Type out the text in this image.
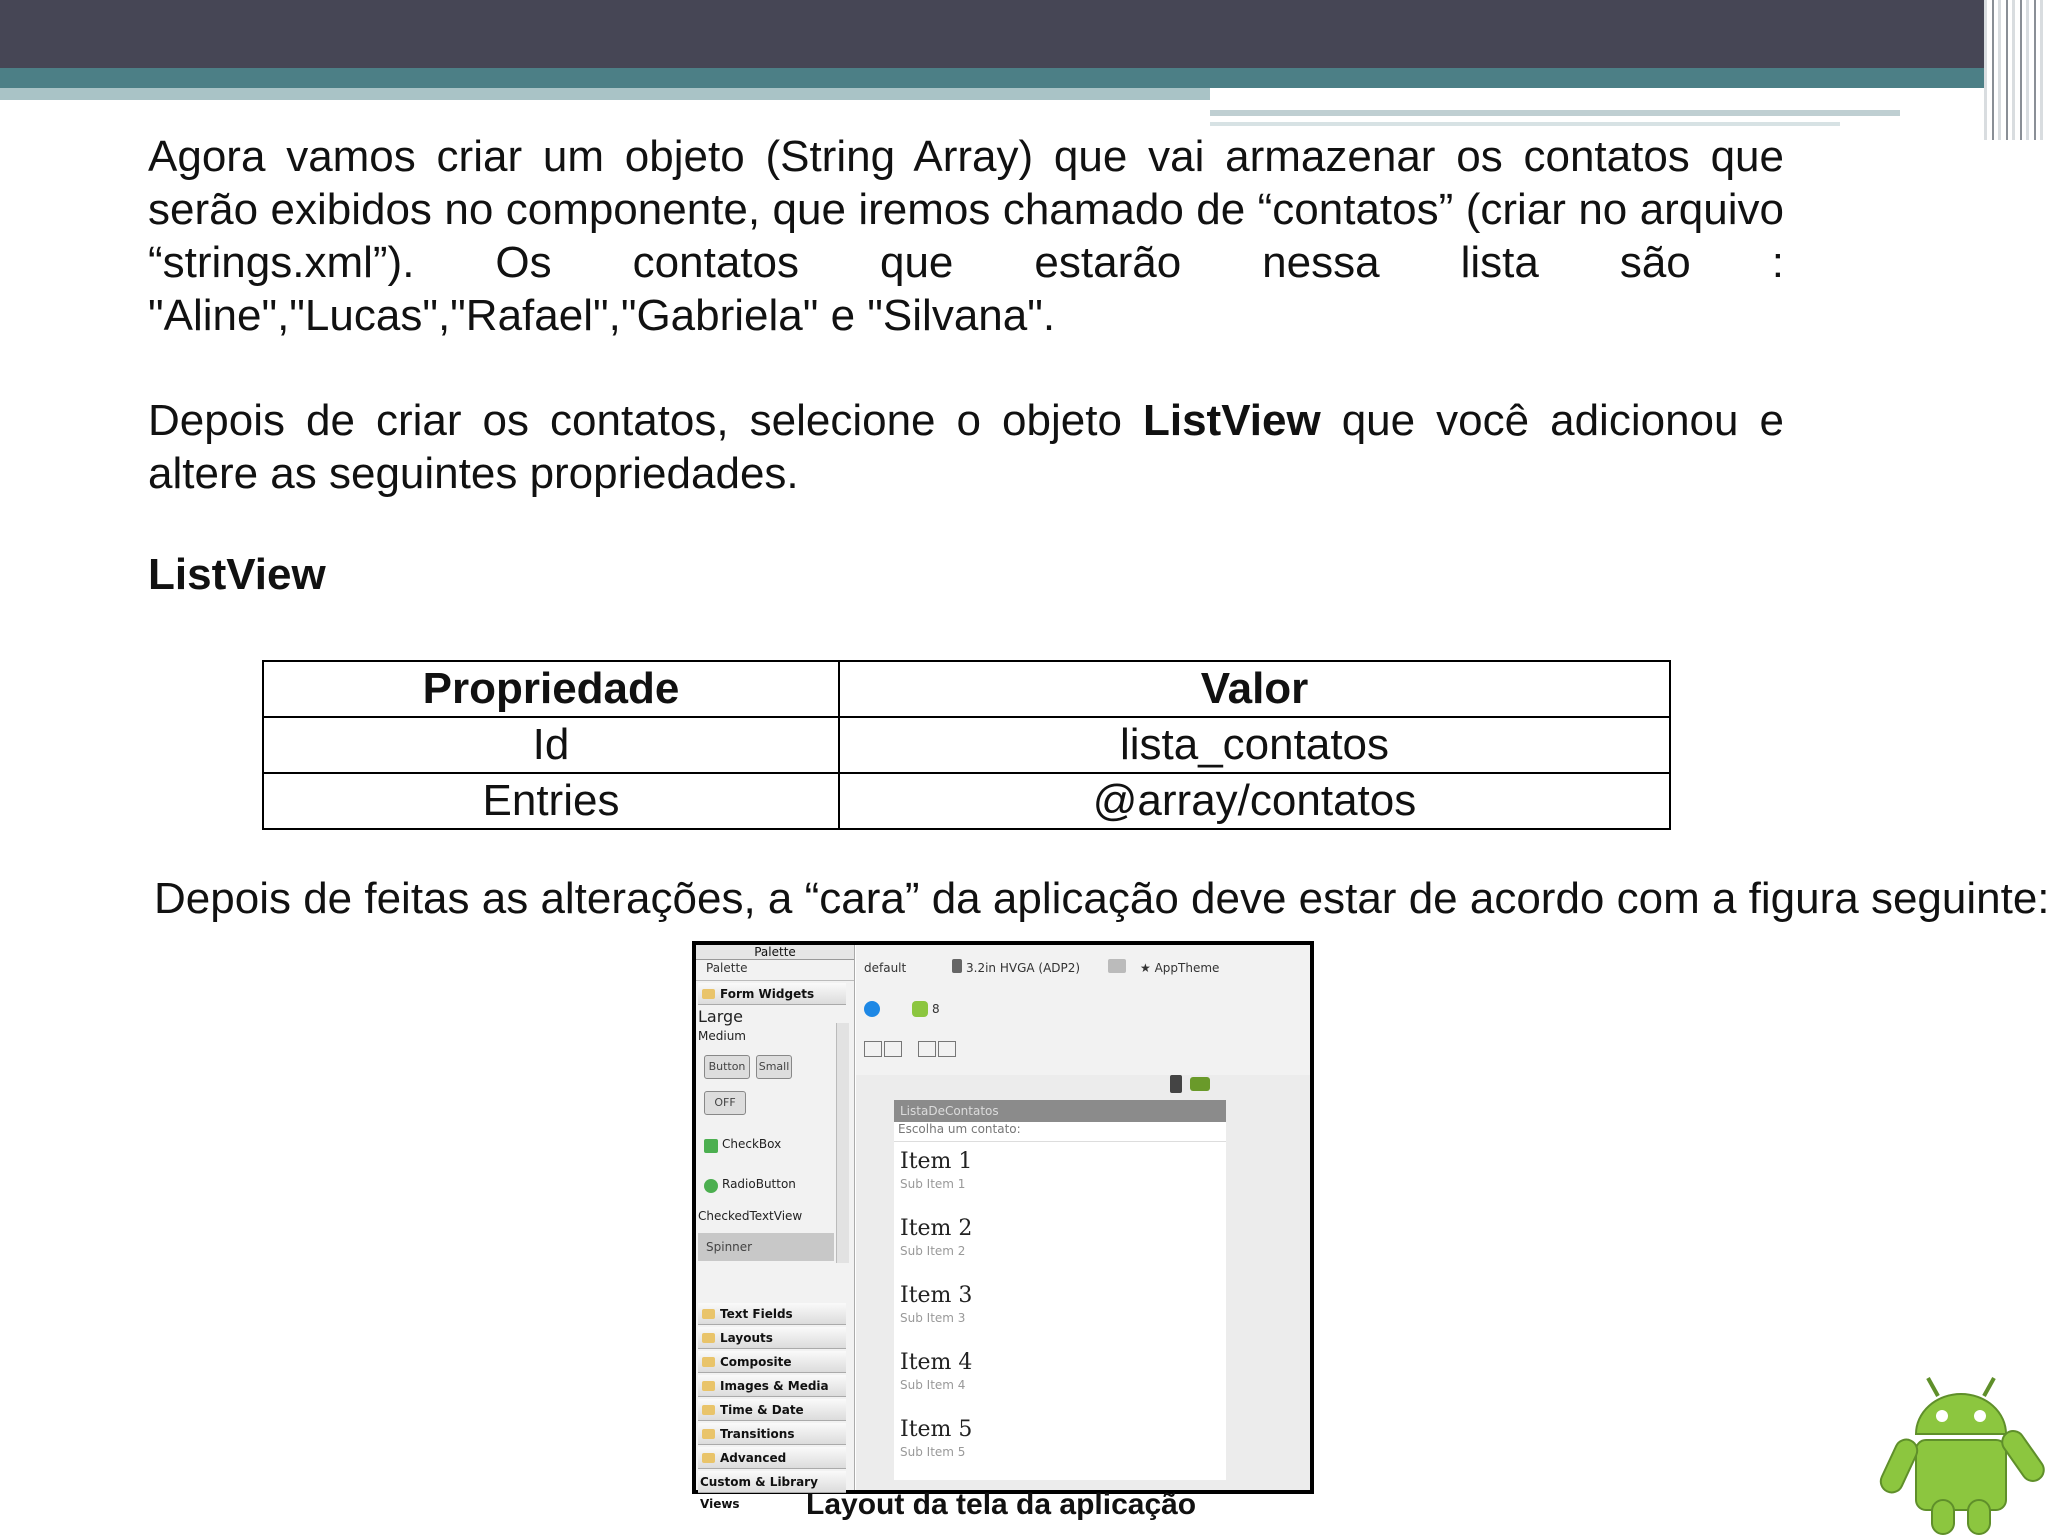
Agora vamos criar um objeto (String Array) que vai armazenar os contatos que serão exibidos no componente, que iremos chamado de “contatos” (criar no arquivo “strings.xml”). Os contatos que estarão nessa lista são : "Aline","Lucas","Rafael","Gabriela" e "Silvana".
Depois de criar os contatos, selecione o objeto ListView que você adicionou e altere as seguintes propriedades.
ListView
Propriedade	Valor
Id	lista_contatos
Entries	@array/contatos
Depois de feitas as alterações, a “cara” da aplicação deve estar de acordo com a figura seguinte:
Palette
Palette
Form Widgets
Large
Medium
Button	Small
OFF
CheckBox
RadioButton
CheckedTextView
Spinner
Text Fields
Layouts
Composite
Images & Media
Time & Date
Transitions
Advanced
Custom & Library Views
default	3.2in HVGA (ADP2)	★ AppTheme
8
ListaDeContatos
Escolha um contato:
Item 1
Sub Item 1
Item 2
Sub Item 2
Item 3
Sub Item 3
Item 4
Sub Item 4
Item 5
Sub Item 5
Layout da tela da aplicação
